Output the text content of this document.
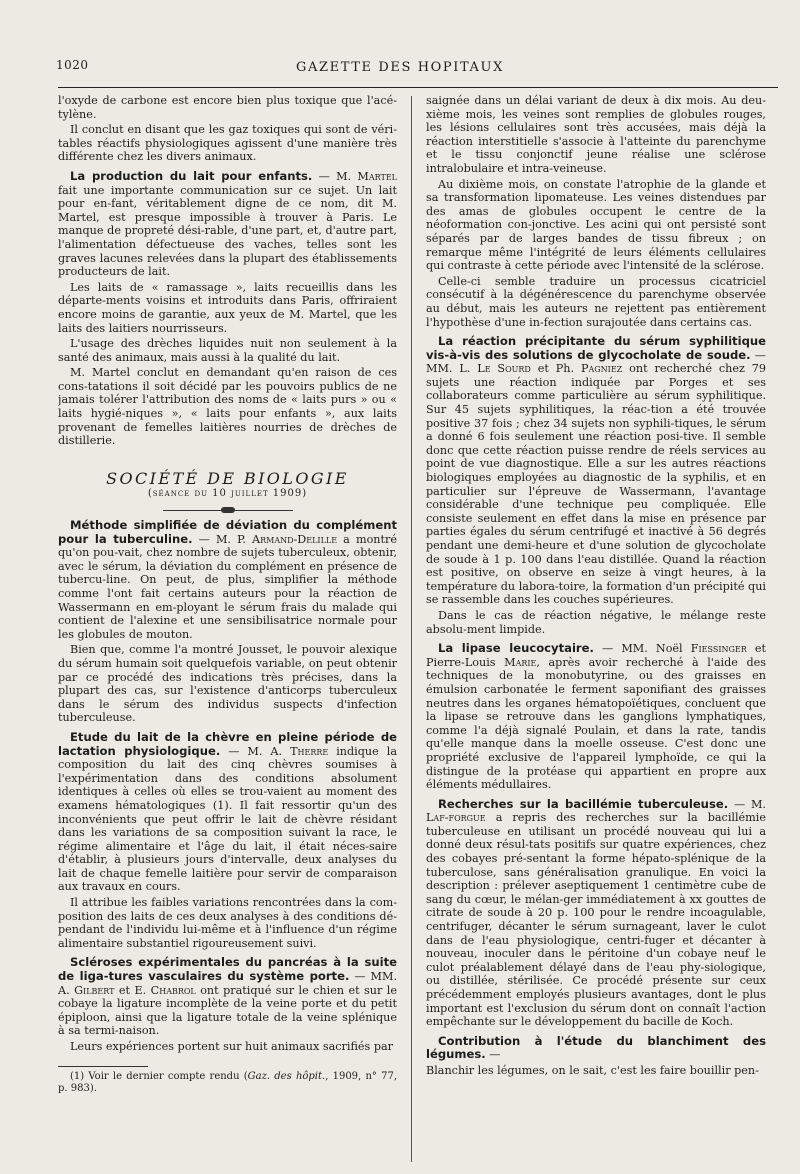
1020	GAZETTE DES HOPITAUX

l'oxyde de carbone est encore bien plus toxique que l'acé-tylène.

Il conclut en disant que les gaz toxiques qui sont de véri-tables réactifs physiologiques agissent d'une manière très différente chez les divers animaux.

La production du lait pour enfants. — M. Martel fait une importante communication sur ce sujet. Un lait pour en-fant, véritablement digne de ce nom, dit M. Martel, est presque impossible à trouver à Paris. Le manque de propreté dési-rable, d'une part, et, d'autre part, l'alimentation défectueuse des vaches, telles sont les graves lacunes relevées dans la plupart des établissements producteurs de lait.

Les laits de « ramassage », laits recueillis dans les départe-ments voisins et introduits dans Paris, offriraient encore moins de garantie, aux yeux de M. Martel, que les laits des laitiers nourrisseurs.

L'usage des drèches liquides nuit non seulement à la santé des animaux, mais aussi à la qualité du lait.

M. Martel conclut en demandant qu'en raison de ces cons-tatations il soit décidé par les pouvoirs publics de ne jamais tolérer l'attribution des noms de « laits purs » ou « laits hygié-niques », « laits pour enfants », aux laits provenant de femelles laitières nourries de drèches de distillerie.

SOCIÉTÉ DE BIOLOGIE
(séance du 10 juillet 1909)

Méthode simplifiée de déviation du complément pour la tuberculine. — M. P. Armand-Delille a montré qu'on pou-vait, chez nombre de sujets tuberculeux, obtenir, avec le sérum, la déviation du complément en présence de tubercu-line. On peut, de plus, simplifier la méthode comme l'ont fait certains auteurs pour la réaction de Wassermann en em-ployant le sérum frais du malade qui contient de l'alexine et une sensibilisatrice normale pour les globules de mouton.

Bien que, comme l'a montré Jousset, le pouvoir alexique du sérum humain soit quelquefois variable, on peut obtenir par ce procédé des indications très précises, dans la plupart des cas, sur l'existence d'anticorps tuberculeux dans le sérum des individus suspects d'infection tuberculeuse.

Etude du lait de la chèvre en pleine période de lactation physiologique. — M. A. Therre indique la composition du lait des cinq chèvres soumises à l'expérimentation dans des conditions absolument identiques à celles où elles se trou-vaient au moment des examens hématologiques (1). Il fait ressortir qu'un des inconvénients que peut offrir le lait de chèvre résidant dans les variations de sa composition suivant la race, le régime alimentaire et l'âge du lait, il était néces-saire d'établir, à plusieurs jours d'intervalle, deux analyses du lait de chaque femelle laitière pour servir de comparaison aux travaux en cours.

Il attribue les faibles variations rencontrées dans la com-position des laits de ces deux analyses à des conditions dé-pendant de l'individu lui-même et à l'influence d'un régime alimentaire substantiel rigoureusement suivi.

Scléroses expérimentales du pancréas à la suite de liga-tures vasculaires du système porte. — MM. A. Gilbert et E. Chabrol ont pratiqué sur le chien et sur le cobaye la ligature incomplète de la veine porte et du petit épiploon, ainsi que la ligature totale de la veine splénique à sa termi-naison.

Leurs expériences portent sur huit animaux sacrifiés par

(1) Voir le dernier compte rendu (Gaz. des hôpit., 1909, n° 77, p. 983).

saignée dans un délai variant de deux à dix mois. Au deu-xième mois, les veines sont remplies de globules rouges, les lésions cellulaires sont très accusées, mais déjà la réaction interstitielle s'associe à l'atteinte du parenchyme et le tissu conjonctif jeune réalise une sclérose intralobulaire et intra-veineuse.

Au dixième mois, on constate l'atrophie de la glande et sa transformation lipomateuse. Les veines distendues par des amas de globules occupent le centre de la néoformation con-jonctive. Les acini qui ont persisté sont séparés par de larges bandes de tissu fibreux ; on remarque même l'intégrité de leurs éléments cellulaires qui contraste à cette période avec l'intensité de la sclérose.

Celle-ci semble traduire un processus cicatriciel consécutif à la dégénérescence du parenchyme observée au début, mais les auteurs ne rejettent pas entièrement l'hypothèse d'une in-fection surajoutée dans certains cas.

La réaction précipitante du sérum syphilitique vis-à-vis des solutions de glycocholate de soude. — MM. L. Le Sourd et Ph. Pagniez ont recherché chez 79 sujets une réaction indiquée par Porges et ses collaborateurs comme particulière au sérum syphilitique. Sur 45 sujets syphilitiques, la réac-tion a été trouvée positive 37 fois ; chez 34 sujets non syphili-tiques, le sérum a donné 6 fois seulement une réaction posi-tive. Il semble donc que cette réaction puisse rendre de réels services au point de vue diagnostique. Elle a sur les autres réactions biologiques employées au diagnostic de la syphilis, et en particulier sur l'épreuve de Wassermann, l'avantage considérable d'une technique peu compliquée. Elle consiste seulement en effet dans la mise en présence par parties égales du sérum centrifugé et inactivé à 56 degrés pendant une demi-heure et d'une solution de glycocholate de soude à 1 p. 100 dans l'eau distillée. Quand la réaction est positive, on observe en seize à vingt heures, à la température du labora-toire, la formation d'un précipité qui se rassemble dans les couches supérieures.

Dans le cas de réaction négative, le mélange reste absolu-ment limpide.

La lipase leucocytaire. — MM. Noël Fiessinger et Pierre-Louis Marie, après avoir recherché à l'aide des techniques de la monobutyrine, ou des graisses en émulsion carbonatée le ferment saponifiant des graisses neutres dans les organes hématopoïétiques, concluent que la lipase se retrouve dans les ganglions lymphatiques, comme l'a déjà signalé Poulain, et dans la rate, tandis qu'elle manque dans la moelle osseuse. C'est donc une propriété exclusive de l'appareil lymphoïde, ce qui la distingue de la protéase qui appartient en propre aux éléments médullaires.

Recherches sur la bacillémie tuberculeuse. — M. Laf-forgue a repris des recherches sur la bacillémie tuberculeuse en utilisant un procédé nouveau qui lui a donné deux résul-tats positifs sur quatre expériences, chez des cobayes pré-sentant la forme hépato-splénique de la tuberculose, sans généralisation granulique. En voici la description : prélever aseptiquement 1 centimètre cube de sang du cœur, le mélan-ger immédiatement à xx gouttes de citrate de soude à 20 p. 100 pour le rendre incoagulable, centrifuger, décanter le sérum surnageant, laver le culot dans de l'eau physiologique, centri-fuger et décanter à nouveau, inoculer dans le péritoine d'un cobaye neuf le culot préalablement délayé dans de l'eau phy-siologique, ou distillée, stérilisée. Ce procédé présente sur ceux précédemment employés plusieurs avantages, dont le plus important est l'exclusion du sérum dont on connaît l'action empêchante sur le développement du bacille de Koch.

Contribution à l'étude du blanchiment des légumes. —

Blanchir les légumes, on le sait, c'est les faire bouillir pen-
